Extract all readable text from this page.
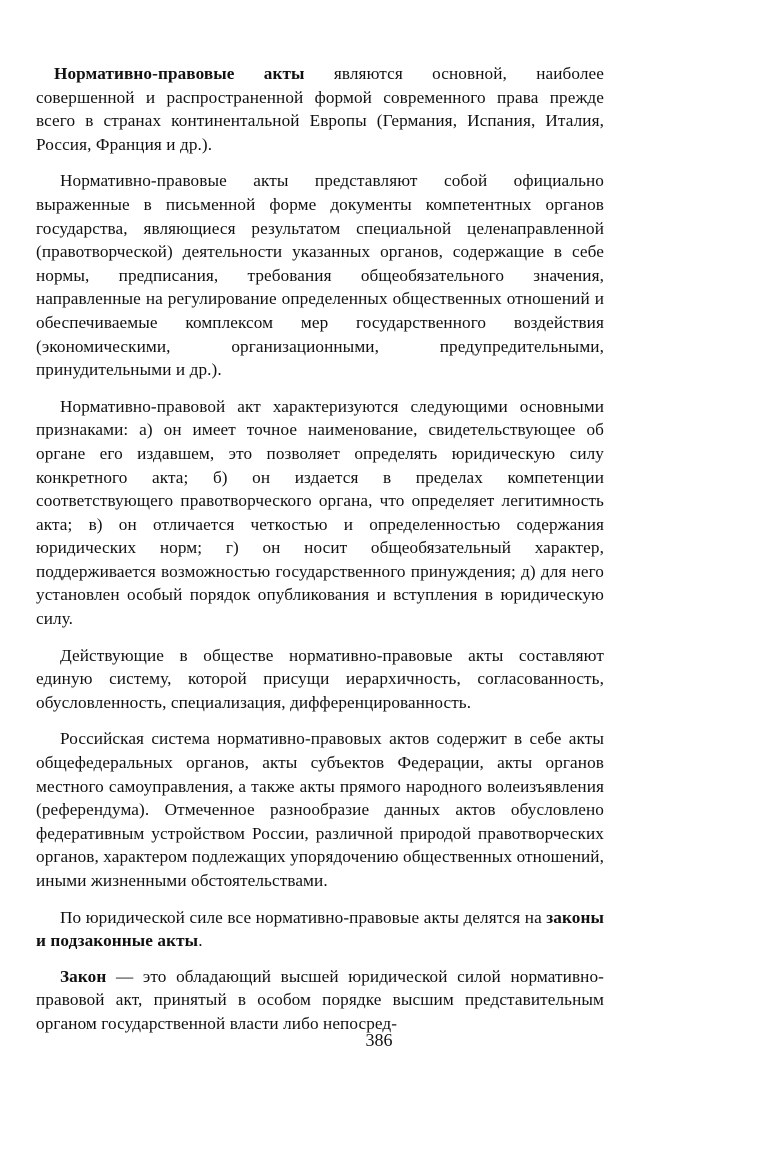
Нормативно-правовые акты являются основной, наиболее совершенной и распространенной формой современного права прежде всего в странах континентальной Европы (Германия, Испания, Италия, Россия, Франция и др.).

Нормативно-правовые акты представляют собой официально выраженные в письменной форме документы компетентных органов государства, являющиеся результатом специальной целенаправленной (правотворческой) деятельности указанных органов, содержащие в себе нормы, предписания, требования общеобязательного значения, направленные на регулирование определенных общественных отношений и обеспечиваемые комплексом мер государственного воздействия (экономическими, организационными, предупредительными, принудительными и др.).

Нормативно-правовой акт характеризуются следующими основными признаками: а) он имеет точное наименование, свидетельствующее об органе его издавшем, это позволяет определять юридическую силу конкретного акта; б) он издается в пределах компетенции соответствующего правотворческого органа, что определяет легитимность акта; в) он отличается четкостью и определенностью содержания юридических норм; г) он носит общеобязательный характер, поддерживается возможностью государственного принуждения; д) для него установлен особый порядок опубликования и вступления в юридическую силу.

Действующие в обществе нормативно-правовые акты составляют единую систему, которой присущи иерархичность, согласованность, обусловленность, специализация, дифференцированность.

Российская система нормативно-правовых актов содержит в себе акты общефедеральных органов, акты субъектов Федерации, акты органов местного самоуправления, а также акты прямого народного волеизъявления (референдума). Отмеченное разнообразие данных актов обусловлено федеративным устройством России, различной природой правотворческих органов, характером подлежащих упорядочению общественных отношений, иными жизненными обстоятельствами.

По юридической силе все нормативно-правовые акты делятся на законы и подзаконные акты.

Закон — это обладающий высшей юридической силой нормативно-правовой акт, принятый в особом порядке высшим представительным органом государственной власти либо непосред-

386
